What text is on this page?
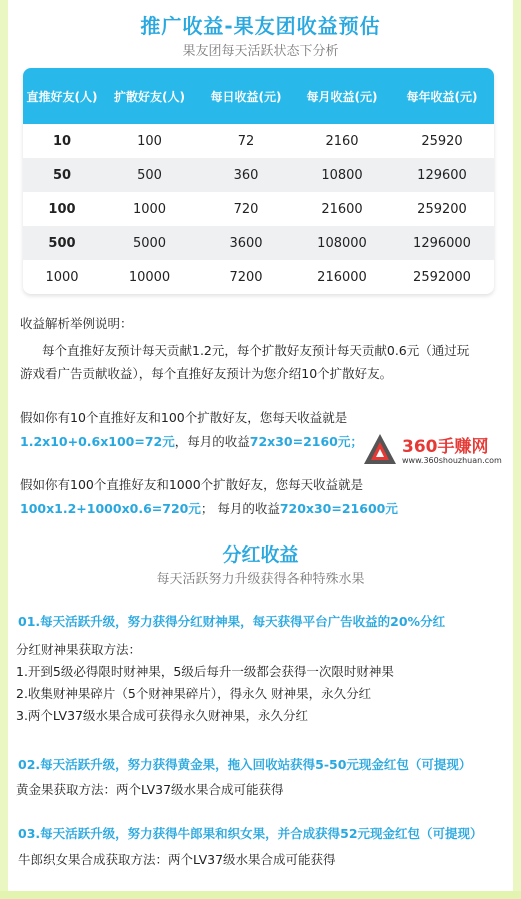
推广收益-果友团收益预估
果友团每天活跃状态下分析
直推好友(人)	扩散好友(人)	每日收益(元)	每月收益(元)	每年收益(元)
10	100	72	2160	25920
50	500	360	10800	129600
100	1000	720	21600	259200
500	5000	3600	108000	1296000
1000	10000	7200	216000	2592000
收益解析举例说明：
每个直推好友预计每天贡献1.2元，每个扩散好友预计每天贡献0.6元（通过玩
游戏看广告贡献收益），每个直推好友预计为您介绍10个扩散好友。
假如你有10个直推好友和100个扩散好友，您每天收益就是
1.2x10+0.6x100=72元，每月的收益72x30=2160元；
假如你有100个直推好友和1000个扩散好友，您每天收益就是
100x1.2+1000x0.6=720元； 每月的收益720x30=21600元
分红收益
每天活跃努力升级获得各种特殊水果
01.每天活跃升级，努力获得分红财神果，每天获得平台广告收益的20%分红
分红财神果获取方法：
1.开到5级必得限时财神果，5级后每升一级都会获得一次限时财神果
2.收集财神果碎片（5个财神果碎片），得永久 财神果，永久分红
3.两个LV37级水果合成可获得永久财神果，永久分红
02.每天活跃升级，努力获得黄金果，拖入回收站获得5-50元现金红包（可提现）
黄金果获取方法：两个LV37级水果合成可能获得
03.每天活跃升级，努力获得牛郎果和织女果，并合成获得52元现金红包（可提现）
牛郎织女果合成获取方法：两个LV37级水果合成可能获得
360手赚网
www.360shouzhuan.com
